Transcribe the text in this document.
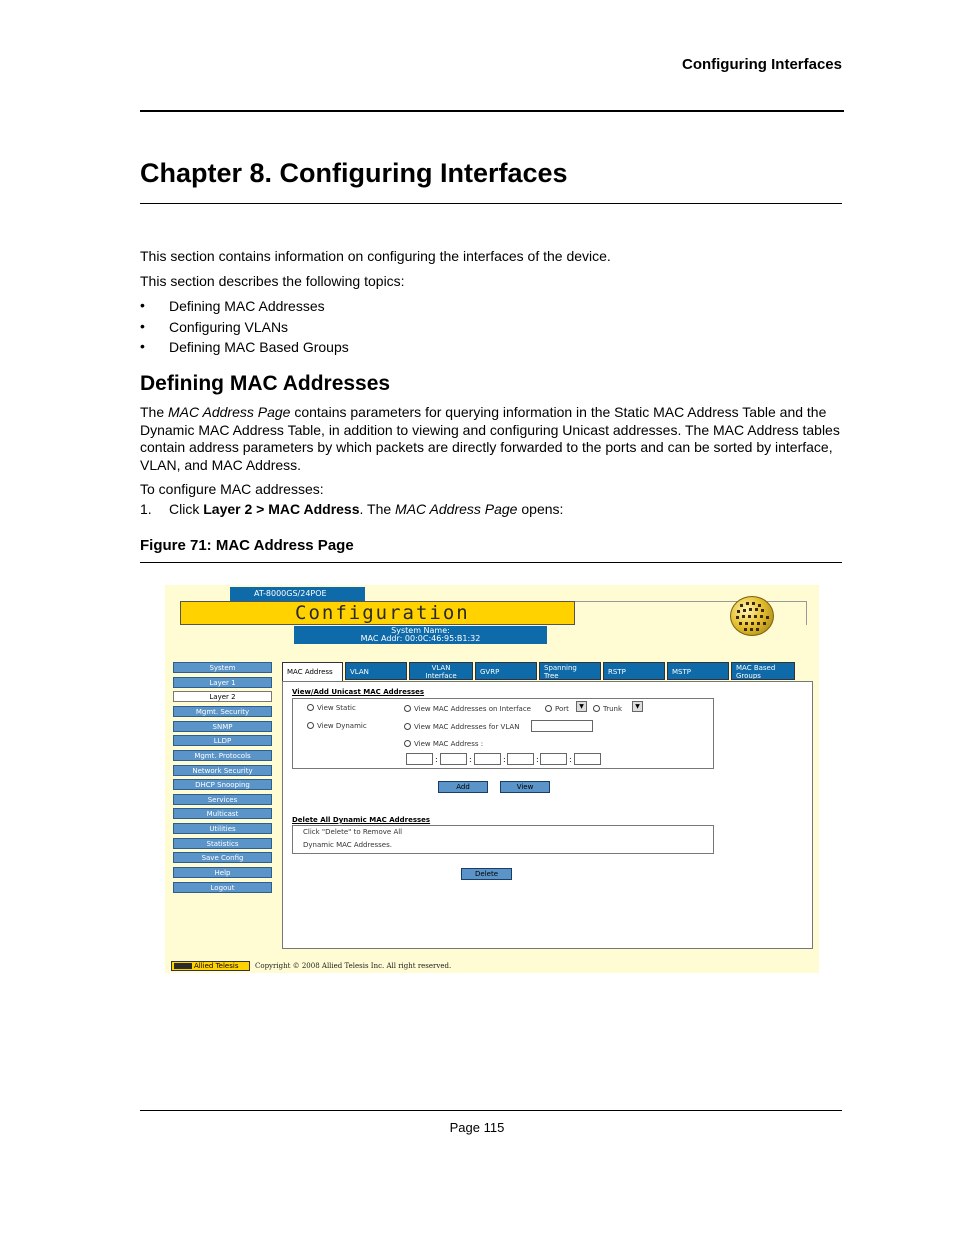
Configuring Interfaces
Chapter 8. Configuring Interfaces
This section contains information on configuring the interfaces of the device.
This section describes the following topics:
• Defining MAC Addresses
• Configuring VLANs
• Defining MAC Based Groups
Defining MAC Addresses
The MAC Address Page contains parameters for querying information in the Static MAC Address Table and the Dynamic MAC Address Table, in addition to viewing and configuring Unicast addresses. The MAC Address tables contain address parameters by which packets are directly forwarded to the ports and can be sorted by interface, VLAN, and MAC Address.
To configure MAC addresses:
1. Click Layer 2 > MAC Address. The MAC Address Page opens:
Figure 71: MAC Address Page
AT-8000GS/24POE
Configuration
System Name:
MAC Addr: 00:0C:46:95:B1:32
System
Layer 1
Layer 2
Mgmt. Security
SNMP
LLDP
Mgmt. Protocols
Network Security
DHCP Snooping
Services
Multicast
Utilities
Statistics
Save Config
Help
Logout
MAC Address	VLAN	VLAN
Interface	GVRP	Spanning
Tree	RSTP	MSTP	MAC Based
Groups
View/Add Unicast MAC Addresses
View Static
View Dynamic
View MAC Addresses on Interface	Port	▼	Trunk	▼
View MAC Addresses for VLAN
View MAC Address :
:	:	:	:	:
Add	View
Delete All Dynamic MAC Addresses
Click "Delete" to Remove All
Dynamic MAC Addresses.
Delete
Allied Telesis	Copyright © 2008 Allied Telesis Inc. All right reserved.
Page 115
